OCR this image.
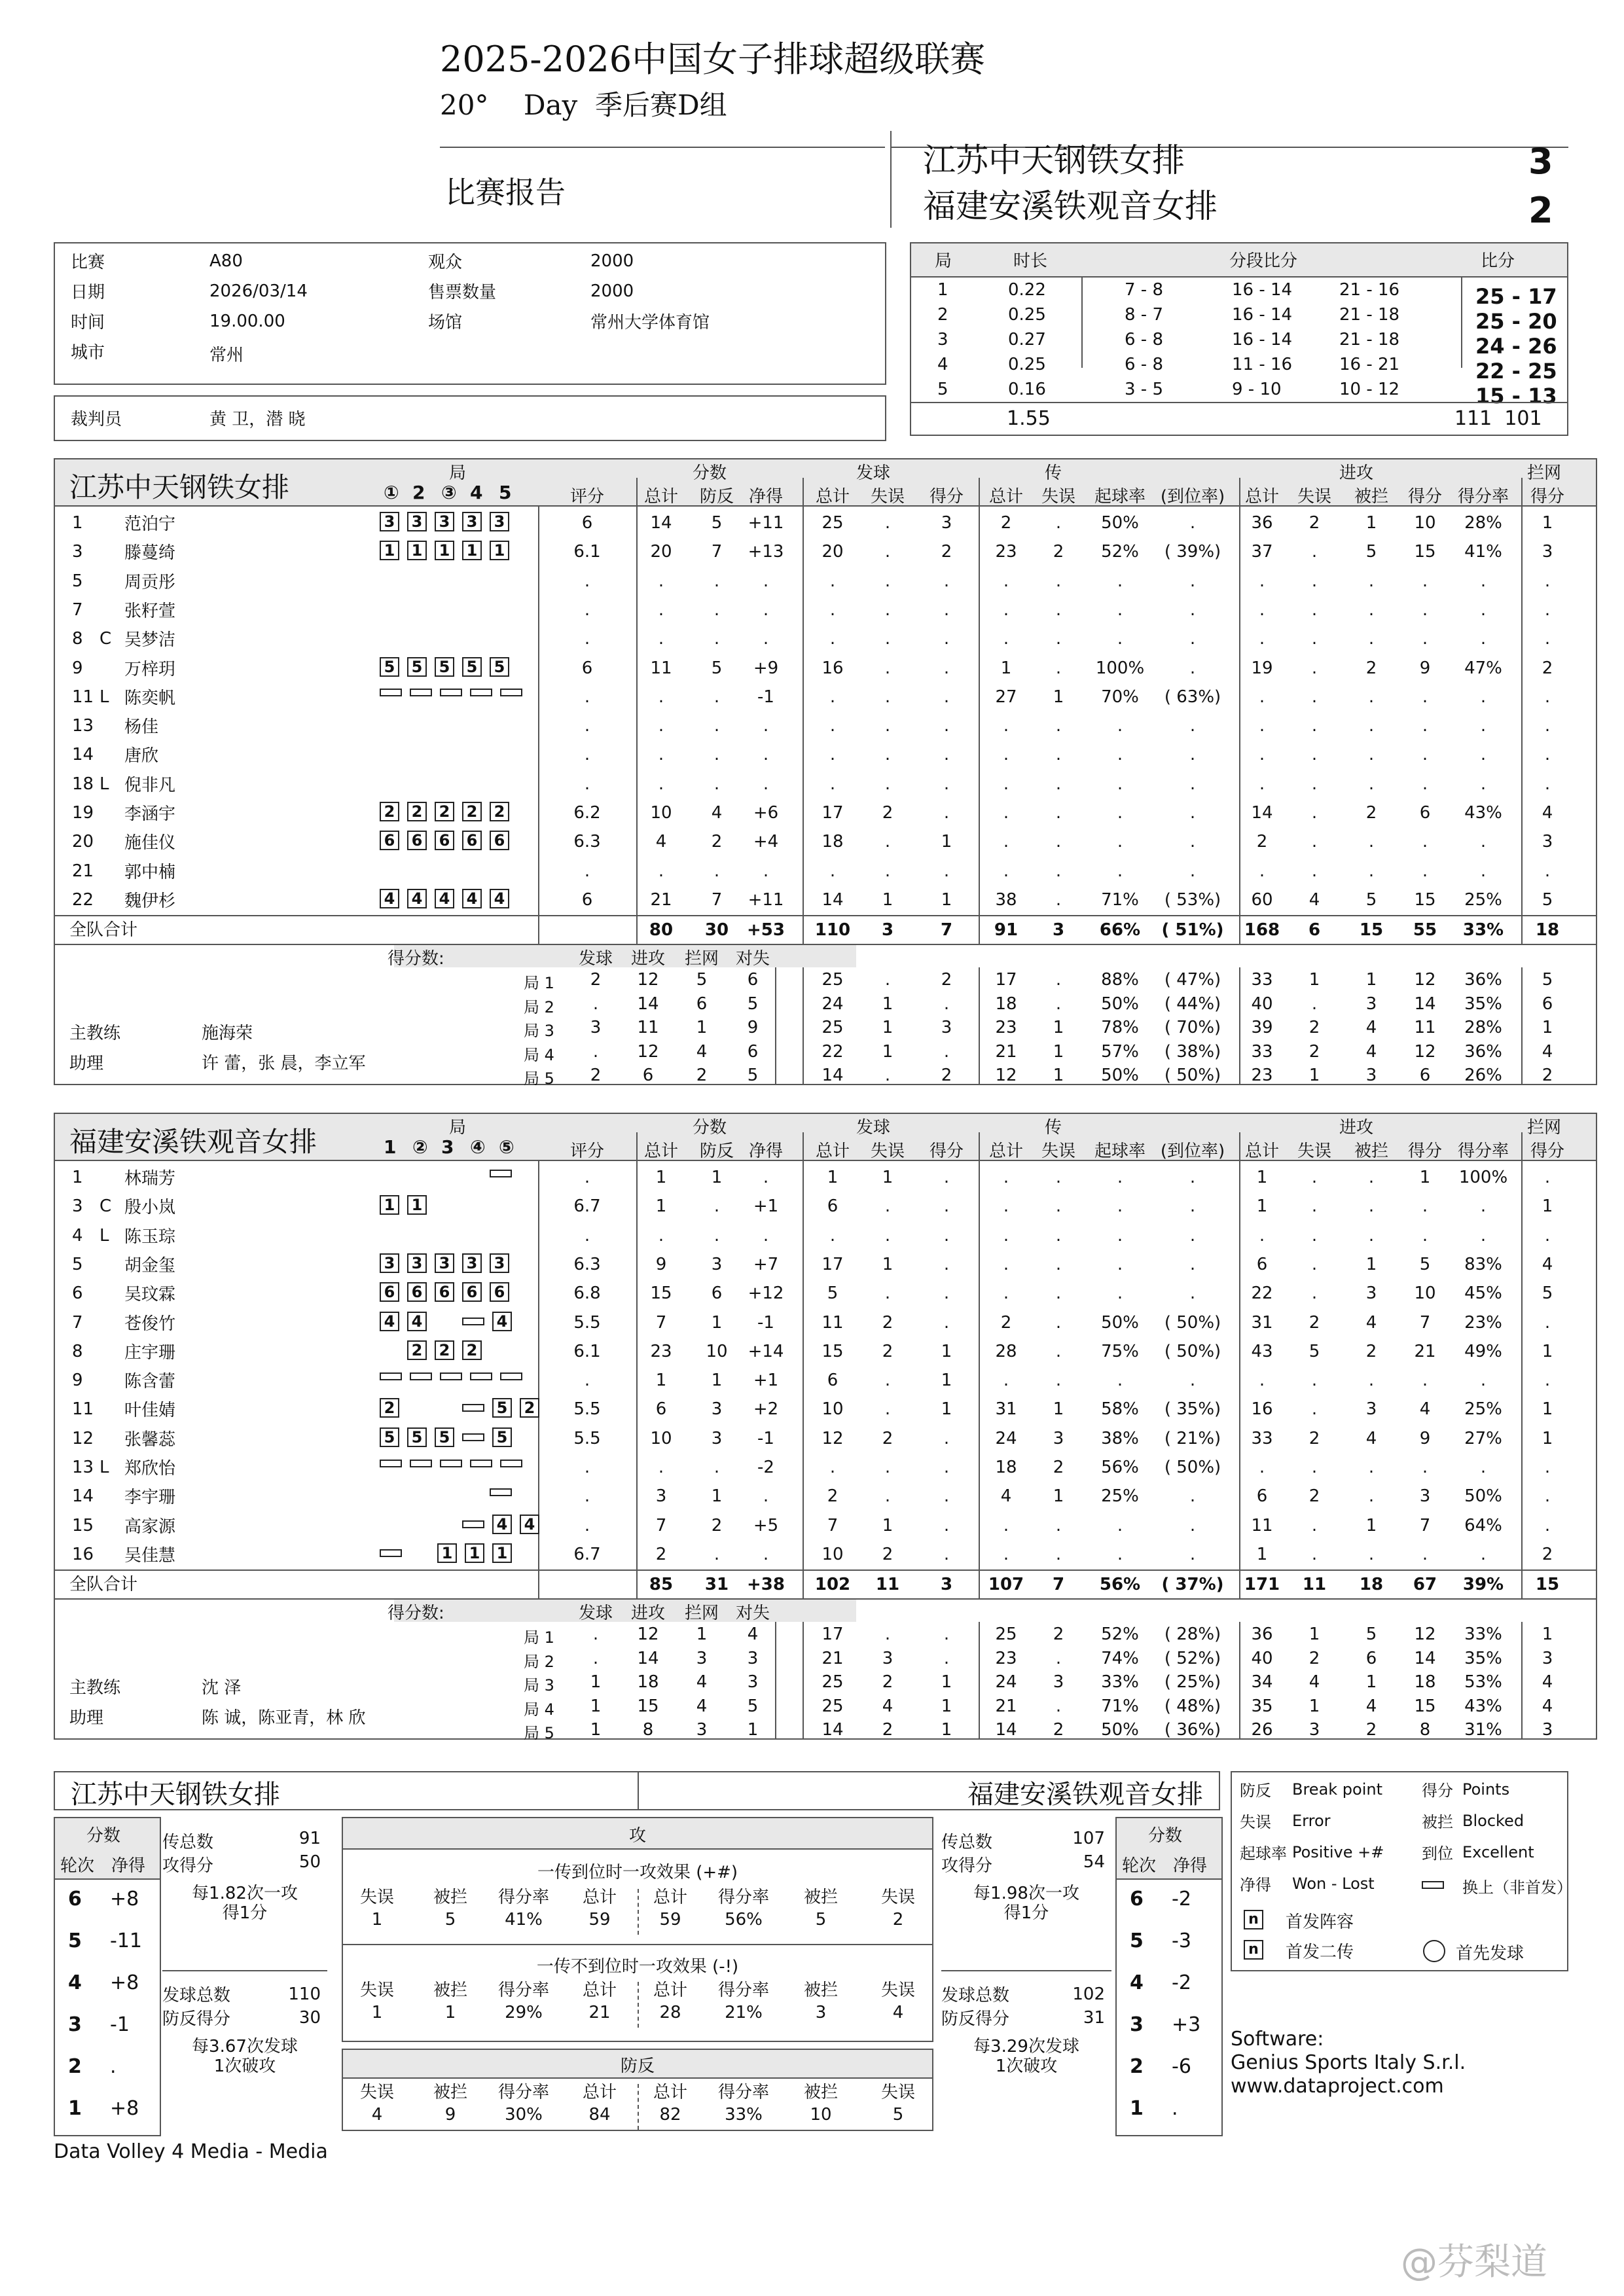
2025-2026中国女子排球超级联赛
20°    Day  季后赛D组
比赛报告
江苏中天钢铁女排	3
福建安溪铁观音女排	2
比赛	A80
日期	2026/03/14
时间	19.00.00
城市	常州
观众	2000
售票数量	2000
场馆	常州大学体育馆
裁判员	黄 卫，潜 晓
局	时长	分段比分	比分
1	0.22	7 - 8	16 - 14	21 - 16	25 - 17
2	0.25	8 - 7	16 - 14	21 - 18	25 - 20
3	0.27	6 - 8	16 - 14	21 - 18	24 - 26
4	0.25	6 - 8	11 - 16	16 - 21	22 - 25
5	0.16	3 - 5	9 - 10	10 - 12	15 - 13
1.55	111  101
江苏中天钢铁女排	局	分数	发球	传	进攻	拦网
① 2 ③ 4 5	评分	总计	防反 净得	总计	失误	得分	总计	失误	起球率 (到位率)	总计	失误	被拦	得分 得分率	得分
1 范泊宁	3 3 3 3 3	6	14	5	+11	25	.	3	2	.	50%	.	36	2	1	10	28%	1
3 滕蔓绮	1 1 1 1 1	6.1	20	7	+13	20	.	2	23	2	52%	( 39%)	37	.	5	15	41%	3
5 周贡彤	.	.	.	.	.	.	.	.	.	.	.	.	.	.	.	.	.
7 张籽萱	.	.	.	.	.	.	.	.	.	.	.	.	.	.	.	.	.
8 C 吴梦洁	.	.	.	.	.	.	.	.	.	.	.	.	.	.	.	.	.
9 万梓玥	5 5 5 5 5	6	11	5	+9	16	.	.	1	.	100%	.	19	.	2	9	47%	2
11 L 陈奕帆	.	.	.	-1	.	.	.	27	1	70%	( 63%)	.	.	.	.	.	.
13 杨佳	.	.	.	.	.	.	.	.	.	.	.	.	.	.	.	.	.
14 唐欣	.	.	.	.	.	.	.	.	.	.	.	.	.	.	.	.	.
18 L 倪非凡	.	.	.	.	.	.	.	.	.	.	.	.	.	.	.	.	.
19 李涵宇	2 2 2 2 2	6.2	10	4	+6	17	2	.	.	.	.	.	14	.	2	6	43%	4
20 施佳仪	6 6 6 6 6	6.3	4	2	+4	18	.	1	.	.	.	.	2	.	.	.	.	3
21 郭中楠	.	.	.	.	.	.	.	.	.	.	.	.	.	.	.	.	.
22 魏伊杉	4 4 4 4 4	6	21	7	+11	14	1	1	38	.	71%	( 53%)	60	4	5	15	25%	5
全队合计	80	30	+53	110	3	7	91	3	66%	( 51%)	168	6	15	55	33%	18
得分数:	发球	进攻	拦网 对失
局 1	2	12	5	6	25	.	2	17	.	88%	( 47%)	33	1	1	12	36%	5
局 2	.	14	6	5	24	1	.	18	.	50%	( 44%)	40	.	3	14	35%	6
局 3	3	11	1	9	25	1	3	23	1	78%	( 70%)	39	2	4	11	28%	1
局 4	.	12	4	6	22	1	.	21	1	57%	( 38%)	33	2	4	12	36%	4
局 5	2	6	2	5	14	.	2	12	1	50%	( 50%)	23	1	3	6	26%	2
主教练	施海荣
助理	许 蕾，张 晨，李立军
福建安溪铁观音女排	局	分数	发球	传	进攻	拦网
1 ② 3 ④ ⑤	评分	总计	防反 净得	总计	失误	得分	总计	失误	起球率 (到位率)	总计	失误	被拦	得分 得分率	得分
1 林瑞芳	.	1	1	.	1	1	.	.	.	.	.	1	.	.	1	100%	.
3 C 殷小岚	1 1	6.7	1	.	+1	6	.	.	.	.	.	.	1	.	.	.	.	1
4 L 陈玉琮	.	.	.	.	.	.	.	.	.	.	.	.	.	.	.	.	.
5 胡金玺	3 3 3 3 3	6.3	9	3	+7	17	1	.	.	.	.	.	6	.	1	5	83%	4
6 吴玟霖	6 6 6 6 6	6.8	15	6	+12	5	.	.	.	.	.	.	22	.	3	10	45%	5
7 苍俊竹	4 4	4	5.5	7	1	-1	11	2	.	2	.	50%	( 50%)	31	2	4	7	23%	.
8 庄宇珊	2 2 2	6.1	23	10	+14	15	2	1	28	.	75%	( 50%)	43	5	2	21	49%	1
9 陈含蕾	.	1	1	+1	6	.	1	.	.	.	.	.	.	.	.	.	.
11 叶佳婧	2	5 2	5.5	6	3	+2	10	.	1	31	1	58%	( 35%)	16	.	3	4	25%	1
12 张馨蕊	5 5 5	5	5.5	10	3	-1	12	2	.	24	3	38%	( 21%)	33	2	4	9	27%	1
13 L 郑欣怡	.	.	.	-2	.	.	.	18	2	56%	( 50%)	.	.	.	.	.	.
14 李宇珊	.	3	1	.	2	.	.	4	1	25%	.	6	2	.	3	50%	.
15 高家源	4 4	.	7	2	+5	7	1	.	.	.	.	.	11	.	1	7	64%	.
16 吴佳慧	1 1 1	6.7	2	.	.	10	2	.	.	.	.	.	1	.	.	.	.	2
全队合计	85	31	+38	102	11	3	107	7	56%	( 37%)	171	11	18	67	39%	15
得分数:	发球	进攻	拦网 对失
局 1	.	12	1	4	17	.	.	25	2	52%	( 28%)	36	1	5	12	33%	1
局 2	.	14	3	3	21	3	.	23	.	74%	( 52%)	40	2	6	14	35%	3
局 3	1	18	4	3	25	2	1	24	3	33%	( 25%)	34	4	1	18	53%	4
局 4	1	15	4	5	25	4	1	21	.	71%	( 48%)	35	1	4	15	43%	4
局 5	1	8	3	1	14	2	1	14	2	50%	( 36%)	26	3	2	8	31%	3
主教练	沈 泽
助理	陈 诚，陈亚青，林 欣
江苏中天钢铁女排	福建安溪铁观音女排
分数
轮次 净得
6 +8
5 -11
4 +8
3 -1
2 .
1 +8
分数
轮次 净得
6 -2
5 -3
4 -2
3 +3
2 -6
1 .
传总数	91
攻得分	50
每1.82次一攻
得1分
发球总数	110
防反得分	30
每3.67次发球
1次破攻
传总数	107
攻得分	54
每1.98次一攻
得1分
发球总数	102
防反得分	31
每3.29次发球
1次破攻
攻
一传到位时一攻效果 (+#)
失误	被拦	得分率	总计	总计	得分率	被拦	失误
1	5	41%	59	59	56%	5	2
一传不到位时一攻效果 (-!)
失误	被拦	得分率	总计	总计	得分率	被拦	失误
1	1	29%	21	28	21%	3	4
防反
失误	被拦	得分率	总计	总计	得分率	被拦	失误
4	9	30%	84	82	33%	10	5
防反 Break point 得分 Points
失误 Error	被拦 Blocked
起球率 Positive +# 到位 Excellent
净得 Won - Lost	换上（非首发）
n 首发阵容
n 首发二传	首先发球
Software:
Genius Sports Italy S.r.l.
www.dataproject.com
Data Volley 4 Media - Media
@芬梨道
